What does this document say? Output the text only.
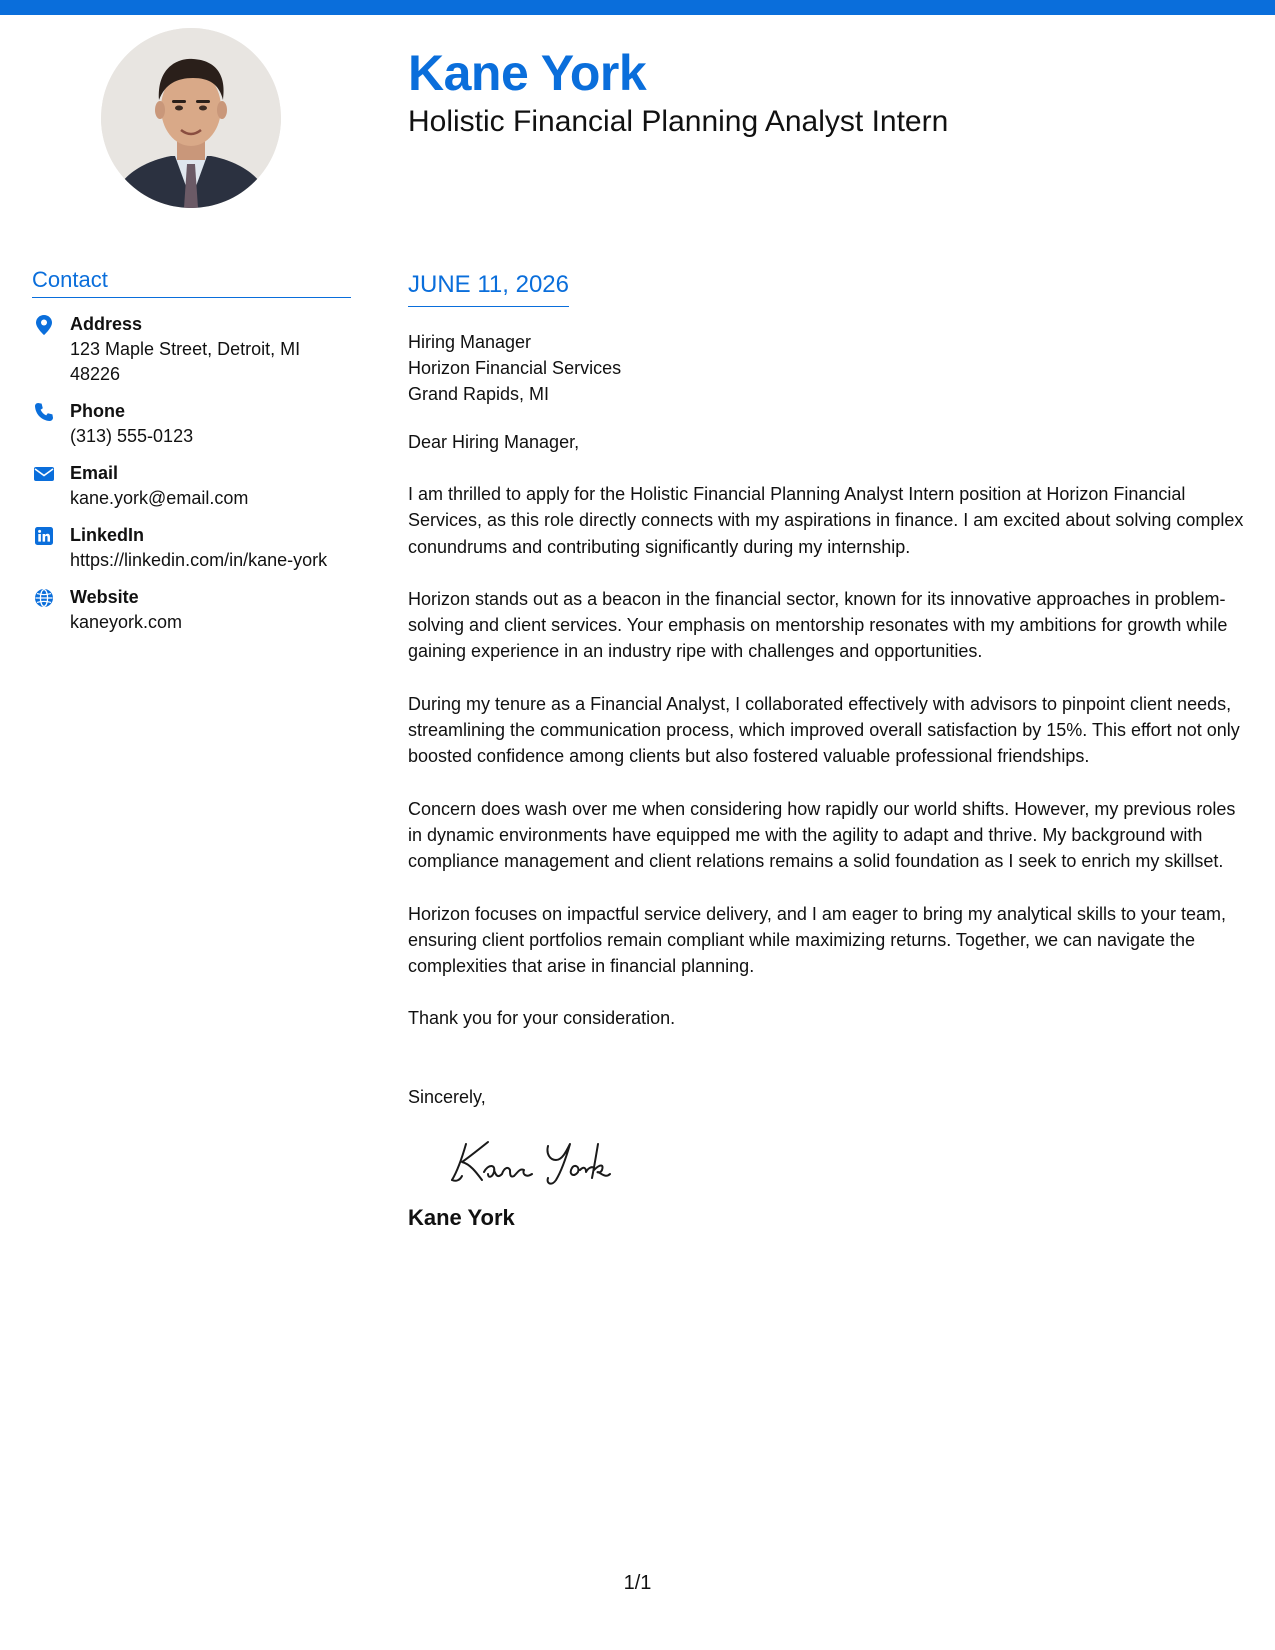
Kane York
Holistic Financial Planning Analyst Intern
Contact
Address
123 Maple Street, Detroit, MI 48226
Phone
(313) 555-0123
Email
kane.york@email.com
LinkedIn
https://linkedin.com/in/kane-york
Website
kaneyork.com
JUNE 11, 2026
Hiring Manager
Horizon Financial Services
Grand Rapids, MI
Dear Hiring Manager,

I am thrilled to apply for the Holistic Financial Planning Analyst Intern position at Horizon Financial Services, as this role directly connects with my aspirations in finance. I am excited about solving complex conundrums and contributing significantly during my internship.

Horizon stands out as a beacon in the financial sector, known for its innovative approaches in problem-solving and client services. Your emphasis on mentorship resonates with my ambitions for growth while gaining experience in an industry ripe with challenges and opportunities.

During my tenure as a Financial Analyst, I collaborated effectively with advisors to pinpoint client needs, streamlining the communication process, which improved overall satisfaction by 15%. This effort not only boosted confidence among clients but also fostered valuable professional friendships.

Concern does wash over me when considering how rapidly our world shifts. However, my previous roles in dynamic environments have equipped me with the agility to adapt and thrive. My background with compliance management and client relations remains a solid foundation as I seek to enrich my skillset.

Horizon focuses on impactful service delivery, and I am eager to bring my analytical skills to your team, ensuring client portfolios remain compliant while maximizing returns. Together, we can navigate the complexities that arise in financial planning.

Thank you for your consideration.

Sincerely,
Kane York
1/1
